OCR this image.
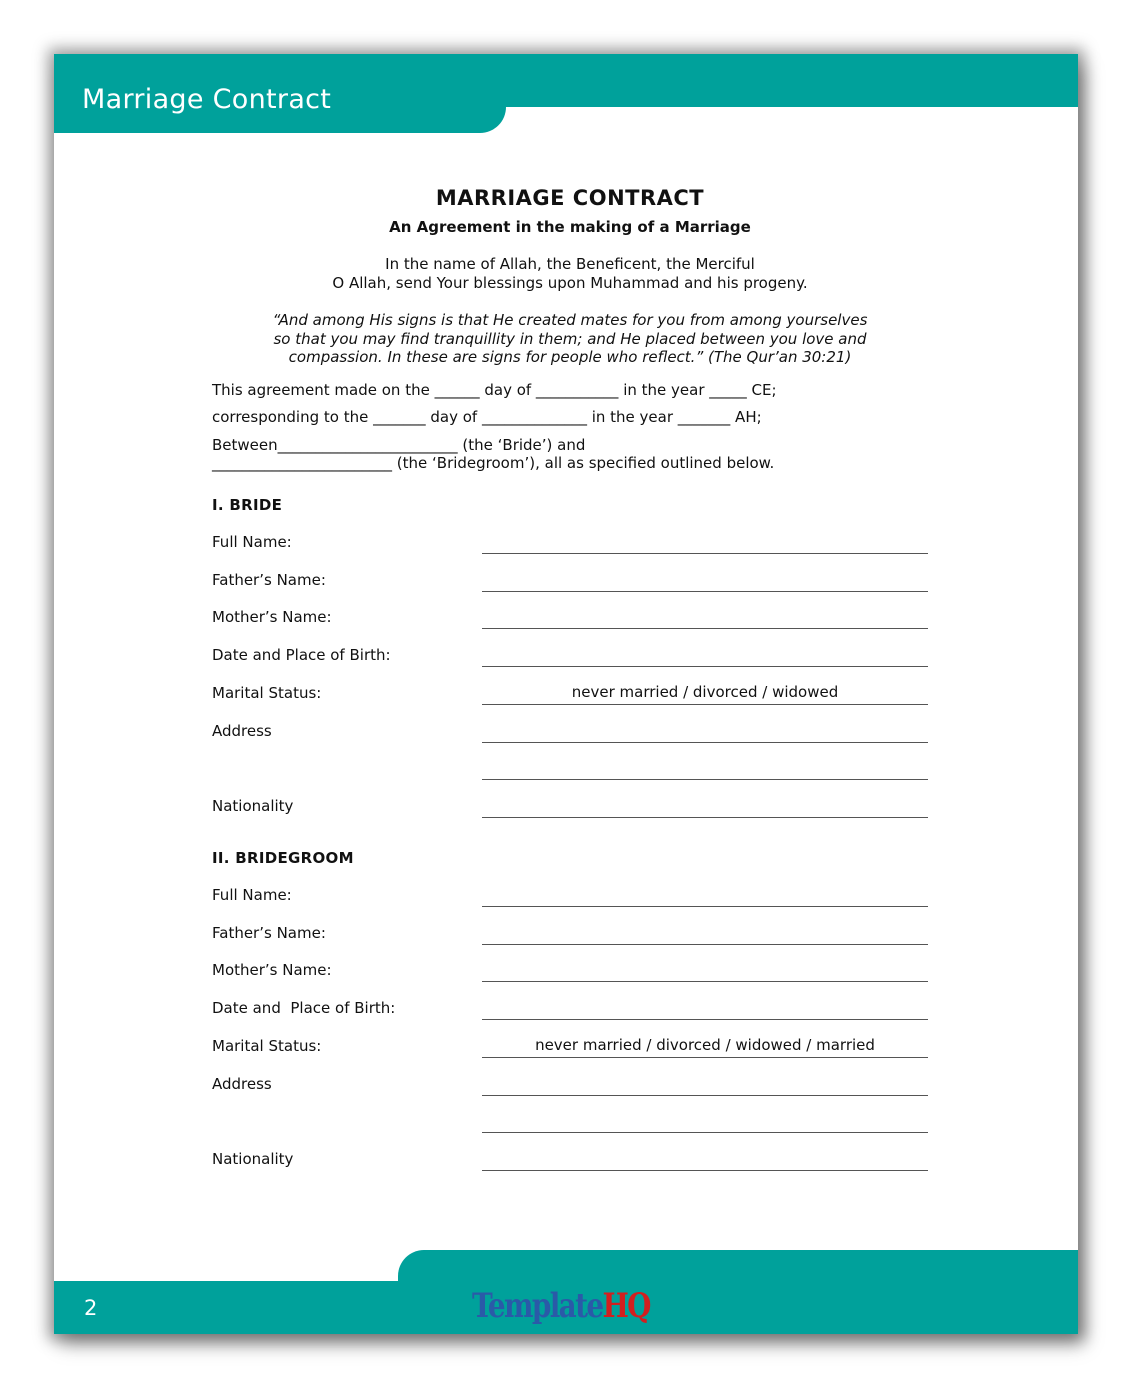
Marriage Contract
MARRIAGE CONTRACT
An Agreement in the making of a Marriage
In the name of Allah, the Beneficent, the Merciful
O Allah, send Your blessings upon Muhammad and his progeny.
“And among His signs is that He created mates for you from among yourselves
so that you may find tranquillity in them; and He placed between you love and
compassion. In these are signs for people who reflect.” (The Qur’an 30:21)
This agreement made on the ______ day of ___________ in the year _____ CE;
corresponding to the _______ day of ______________ in the year _______ AH;
Between________________________ (the ‘Bride’) and
________________________ (the ‘Bridegroom’), all as specified outlined below.
I. BRIDE
Full Name:
Father’s Name:
Mother’s Name:
Date and Place of Birth:
Marital Status:	never married / divorced / widowed
Address
Nationality
II. BRIDEGROOM
Full Name:
Father’s Name:
Mother’s Name:
Date and  Place of Birth:
Marital Status:	never married / divorced / widowed / married
Address
Nationality
2	TemplateHQ
